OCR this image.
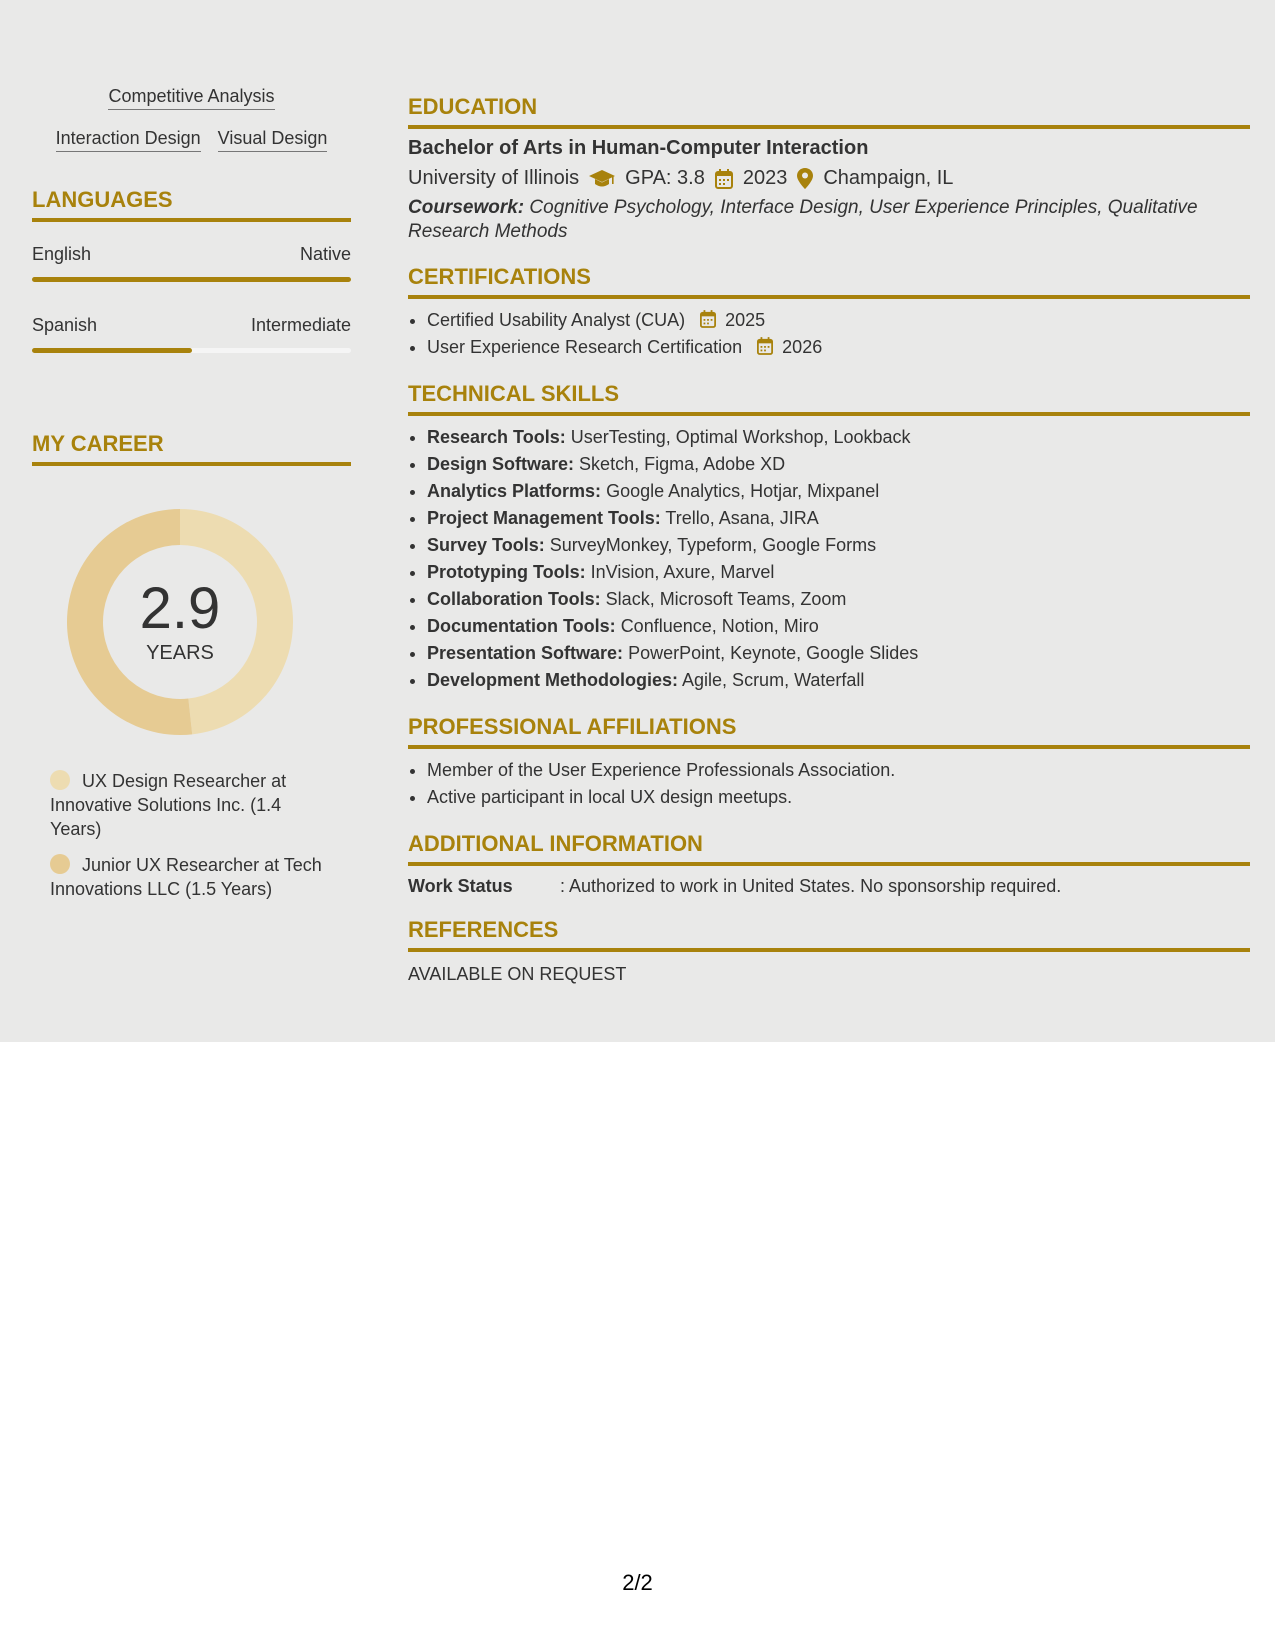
Competitive Analysis
Interaction Design Visual Design
LANGUAGES
English	Native
Spanish	Intermediate
MY CAREER
2.9
YEARS
UX Design Researcher at Innovative Solutions Inc. (1.4 Years)
Junior UX Researcher at Tech Innovations LLC (1.5 Years)
EDUCATION
Bachelor of Arts in Human-Computer Interaction
University of Illinois GPA: 3.8 2023 Champaign, IL
Coursework: Cognitive Psychology, Interface Design, User Experience Principles, Qualitative Research Methods
CERTIFICATIONS
• Certified Usability Analyst (CUA) 2025
• User Experience Research Certification 2026
TECHNICAL SKILLS
• Research Tools: UserTesting, Optimal Workshop, Lookback
• Design Software: Sketch, Figma, Adobe XD
• Analytics Platforms: Google Analytics, Hotjar, Mixpanel
• Project Management Tools: Trello, Asana, JIRA
• Survey Tools: SurveyMonkey, Typeform, Google Forms
• Prototyping Tools: InVision, Axure, Marvel
• Collaboration Tools: Slack, Microsoft Teams, Zoom
• Documentation Tools: Confluence, Notion, Miro
• Presentation Software: PowerPoint, Keynote, Google Slides
• Development Methodologies: Agile, Scrum, Waterfall
PROFESSIONAL AFFILIATIONS
• Member of the User Experience Professionals Association.
• Active participant in local UX design meetups.
ADDITIONAL INFORMATION
Work Status	: Authorized to work in United States. No sponsorship required.
REFERENCES
AVAILABLE ON REQUEST
2/2
